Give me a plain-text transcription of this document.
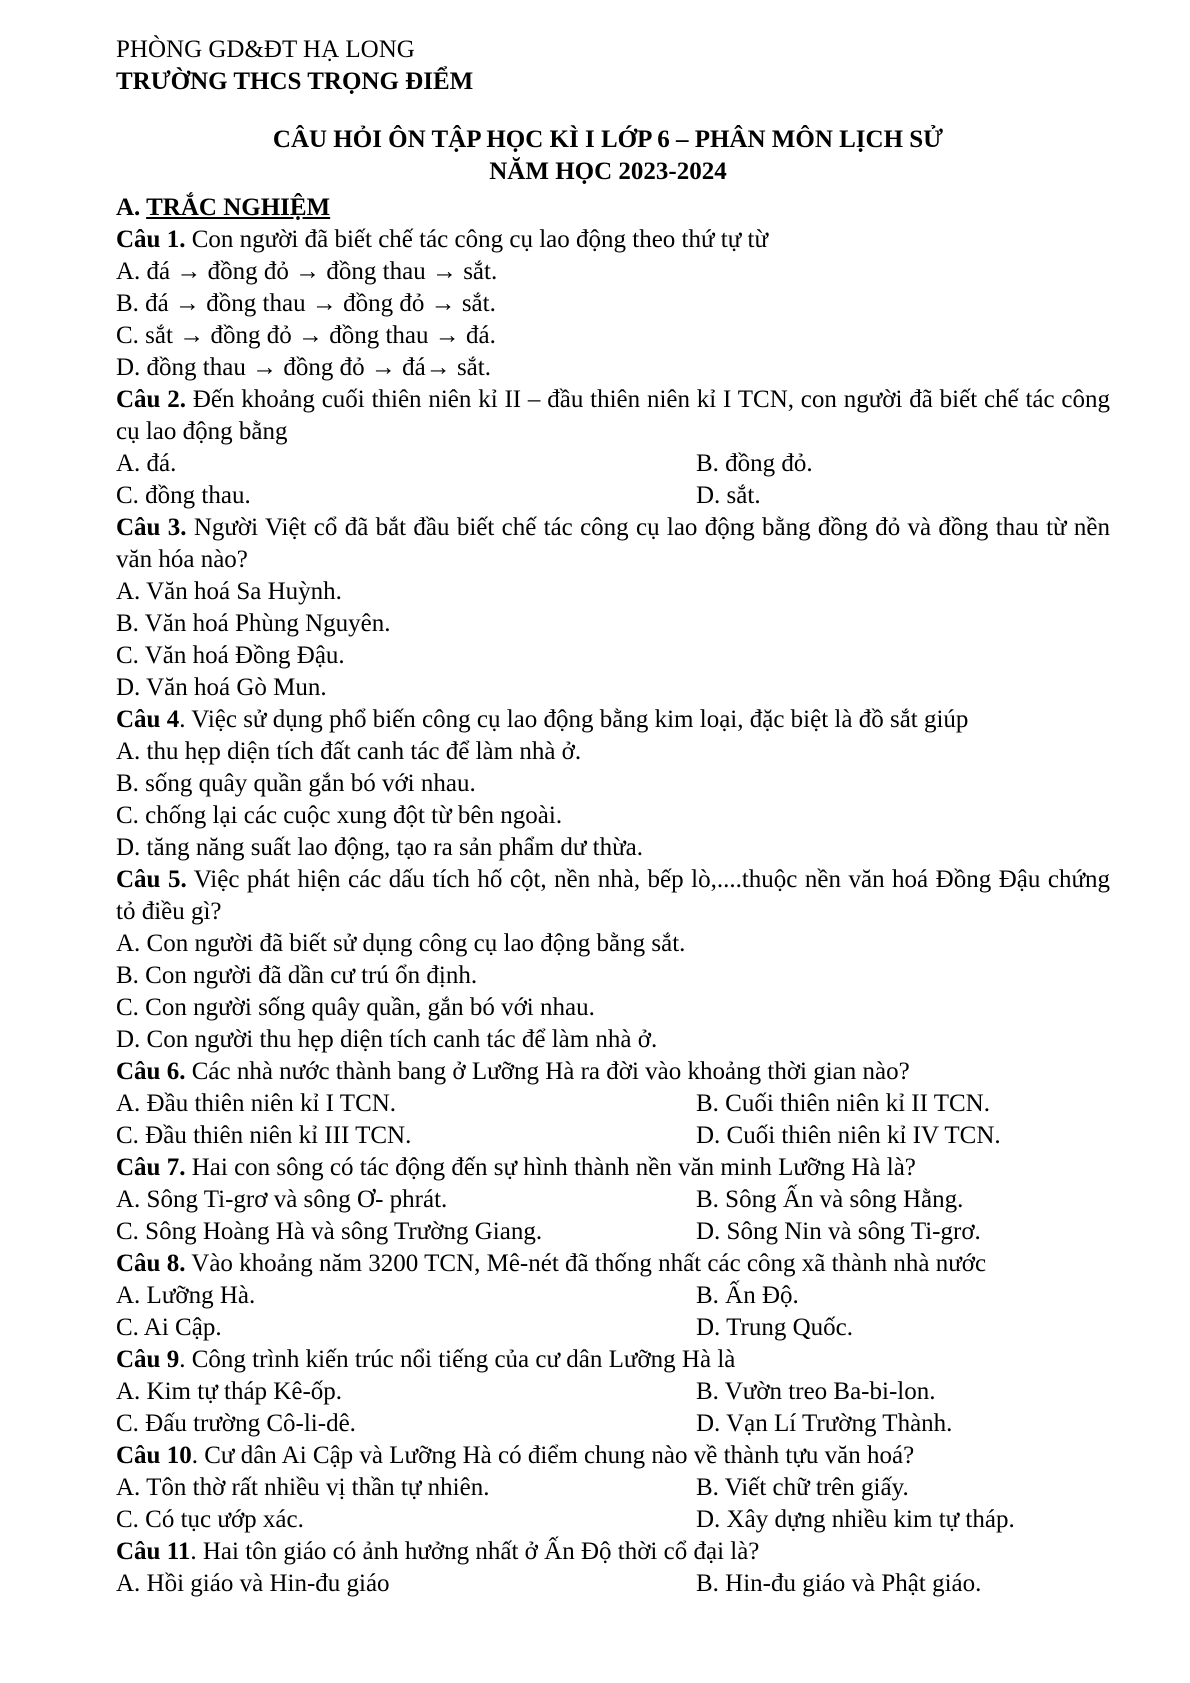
PHÒNG GD&ĐT HẠ LONG
TRƯỜNG THCS TRỌNG ĐIỂM
CÂU HỎI ÔN TẬP HỌC KÌ I LỚP 6 – PHÂN MÔN LỊCH SỬ
NĂM HỌC 2023-2024
A. TRẮC NGHIỆM
Câu 1. Con người đã biết chế tác công cụ lao động theo thứ tự từ
A. đá → đồng đỏ → đồng thau → sắt.
B. đá → đồng thau → đồng đỏ → sắt.
C. sắt → đồng đỏ → đồng thau → đá.
D. đồng thau → đồng đỏ → đá→ sắt.
Câu 2. Đến khoảng cuối thiên niên kỉ II – đầu thiên niên kỉ I TCN, con người đã biết chế tác công cụ lao động bằng
A. đá.	B. đồng đỏ.
C. đồng thau.	D. sắt.
Câu 3. Người Việt cổ đã bắt đầu biết chế tác công cụ lao động bằng đồng đỏ và đồng thau từ nền văn hóa nào?
A. Văn hoá Sa Huỳnh.
B. Văn hoá Phùng Nguyên.
C. Văn hoá Đồng Đậu.
D. Văn hoá Gò Mun.
Câu 4. Việc sử dụng phổ biến công cụ lao động bằng kim loại, đặc biệt là đồ sắt giúp
A. thu hẹp diện tích đất canh tác để làm nhà ở.
B. sống quây quần gắn bó với nhau.
C. chống lại các cuộc xung đột từ bên ngoài.
D. tăng năng suất lao động, tạo ra sản phẩm dư thừa.
Câu 5. Việc phát hiện các dấu tích hố cột, nền nhà, bếp lò,....thuộc nền văn hoá Đồng Đậu chứng tỏ điều gì?
A. Con người đã biết sử dụng công cụ lao động bằng sắt.
B. Con người đã dần cư trú ổn định.
C. Con người sống quây quần, gắn bó với nhau.
D. Con người thu hẹp diện tích canh tác để làm nhà ở.
Câu 6. Các nhà nước thành bang ở Lưỡng Hà ra đời vào khoảng thời gian nào?
A. Đầu thiên niên kỉ I TCN.	B. Cuối thiên niên kỉ II TCN.
C. Đầu thiên niên kỉ III TCN.	D. Cuối thiên niên kỉ IV TCN.
Câu 7. Hai con sông có tác động đến sự hình thành nền văn minh Lưỡng Hà là?
A. Sông Ti-grơ và sông Ơ- phrát.	B. Sông Ấn và sông Hằng.
C. Sông Hoàng Hà và sông Trường Giang.	D. Sông Nin và sông Ti-grơ.
Câu 8. Vào khoảng năm 3200 TCN, Mê-nét đã thống nhất các công xã thành nhà nước
A. Lưỡng Hà.	B. Ấn Độ.
C. Ai Cập.	D. Trung Quốc.
Câu 9. Công trình kiến trúc nổi tiếng của cư dân Lưỡng Hà là
A. Kim tự tháp Kê-ốp.	B. Vườn treo Ba-bi-lon.
C. Đấu trường Cô-li-dê.	D. Vạn Lí Trường Thành.
Câu 10. Cư dân Ai Cập và Lưỡng Hà có điểm chung nào về thành tựu văn hoá?
A. Tôn thờ rất nhiều vị thần tự nhiên.	B. Viết chữ trên giấy.
C. Có tục ướp xác.	D. Xây dựng nhiều kim tự tháp.
Câu 11. Hai tôn giáo có ảnh hưởng nhất ở Ấn Độ thời cổ đại là?
A. Hồi giáo và Hin-đu giáo	B. Hin-đu giáo và Phật giáo.
